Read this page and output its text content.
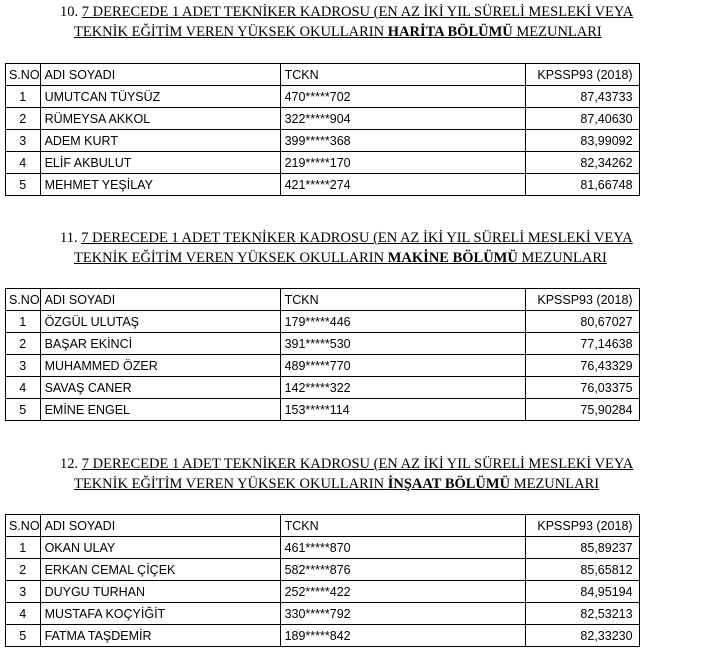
10. 7 DERECEDE 1 ADET TEKNİKER KADROSU (EN AZ İKİ YIL SÜRELİ MESLEKİ VEYA
TEKNİK EĞİTİM VEREN YÜKSEK OKULLARIN HARİTA BÖLÜMÜ MEZUNLARI
S.NO	ADI SOYADI	TCKN	KPSSP93 (2018)
1	UMUTCAN TÜYSÜZ	470*****702	87,43733
2	RÜMEYSA AKKOL	322*****904	87,40630
3	ADEM KURT	399*****368	83,99092
4	ELİF AKBULUT	219*****170	82,34262
5	MEHMET YEŞİLAY	421*****274	81,66748
11. 7 DERECEDE 1 ADET TEKNİKER KADROSU (EN AZ İKİ YIL SÜRELİ MESLEKİ VEYA
TEKNİK EĞİTİM VEREN YÜKSEK OKULLARIN MAKİNE BÖLÜMÜ MEZUNLARI
S.NO	ADI SOYADI	TCKN	KPSSP93 (2018)
1	ÖZGÜL ULUTAŞ	179*****446	80,67027
2	BAŞAR EKİNCİ	391*****530	77,14638
3	MUHAMMED ÖZER	489*****770	76,43329
4	SAVAŞ CANER	142*****322	76,03375
5	EMİNE ENGEL	153*****114	75,90284
12. 7 DERECEDE 1 ADET TEKNİKER KADROSU (EN AZ İKİ YIL SÜRELİ MESLEKİ VEYA
TEKNİK EĞİTİM VEREN YÜKSEK OKULLARIN İNŞAAT BÖLÜMÜ MEZUNLARI
S.NO	ADI SOYADI	TCKN	KPSSP93 (2018)
1	OKAN ULAY	461*****870	85,89237
2	ERKAN CEMAL ÇİÇEK	582*****876	85,65812
3	DUYGU TURHAN	252*****422	84,95194
4	MUSTAFA KOÇYİĞİT	330*****792	82,53213
5	FATMA TAŞDEMİR	189*****842	82,33230
